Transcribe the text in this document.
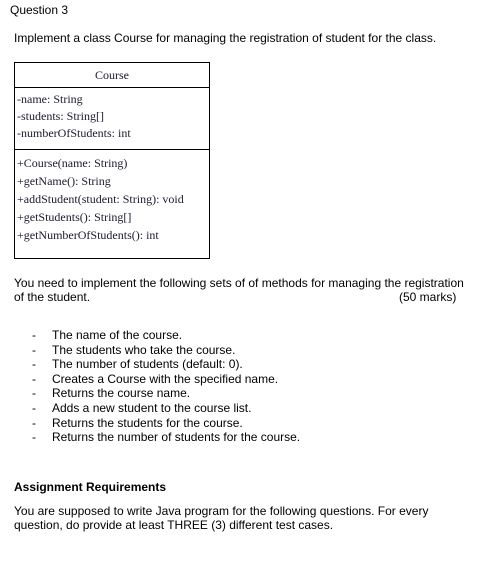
Question 3
Implement a class Course for managing the registration of student for the class.
Course
-name: String
-students: String[]
-numberOfStudents: int
+Course(name: String)
+getName(): String
+addStudent(student: String): void
+getStudents(): String[]
+getNumberOfStudents(): int
You need to implement the following sets of of methods for managing the registration
of the student.	(50 marks)
- The name of the course.
- The students who take the course.
- The number of students (default: 0).
- Creates a Course with the specified name.
- Returns the course name.
- Adds a new student to the course list.
- Returns the students for the course.
- Returns the number of students for the course.
Assignment Requirements
You are supposed to write Java program for the following questions. For every
question, do provide at least THREE (3) different test cases.
